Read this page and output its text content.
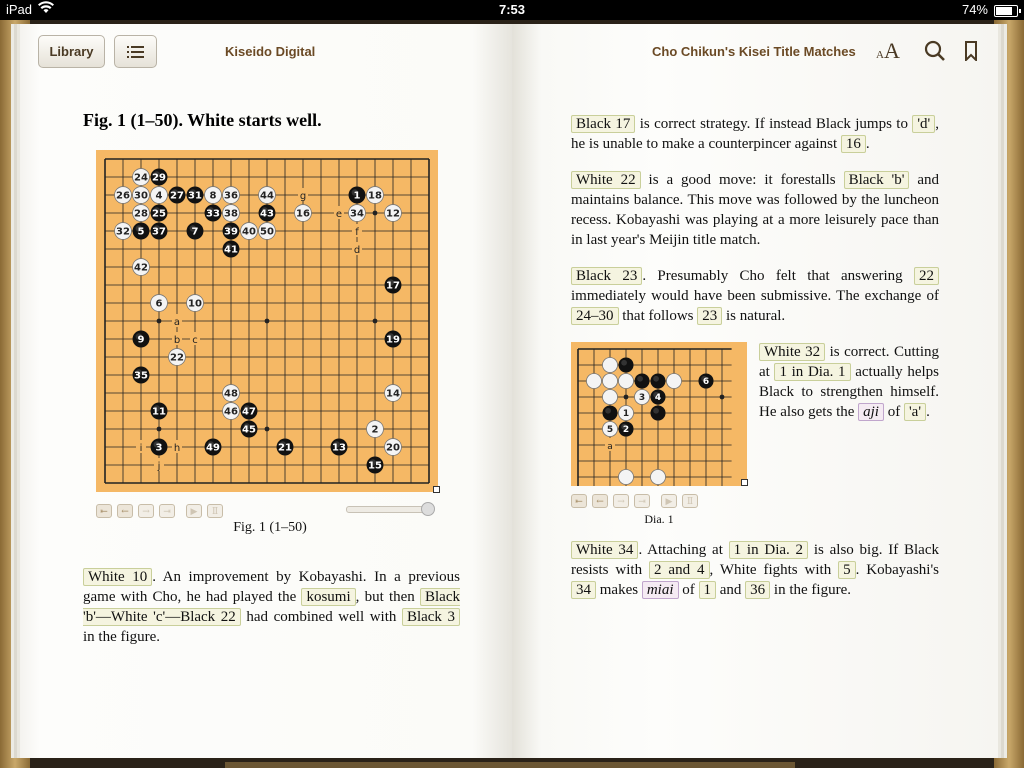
iPad	7:53	74%
Library	Kiseido Digital
Fig. 1 (1–50). White starts well.
g
e
f
d
a
b c
i	h
j
24 29
26 30 4 27 31 8 36 44	1 18
28 25	33 38 43 16	34 12
32 5 37	7	39 40 50
41
42
17
6	10
9	19
22
35
48	14
11	46 47
45	2
3	49	21	13	20
15
⇤ ← → ⇥ ▶ Ⅱ
Fig. 1 (1–50)

White 10 . An improvement by Kobayashi. In a previous game with Cho, he had played the kosumi , but then Black 'b'—White 'c'—Black 22 had combined well with Black 3 in the figure.

Cho Chikun's Kisei Title Matches AA

Black 17 is correct strategy. If instead Black jumps to 'd' , he is unable to make a counterpincer against 16 .

White 22 is a good move: it forestalls Black 'b' and maintains balance. This move was followed by the luncheon recess. Kobayashi was playing at a more leisurely pace than in last year's Meijin title match.

Black 23 . Presumably Cho felt that answering 22 immediately would have been submissive. The exchange of 24–30 that follows 23 is natural.

a
6
3 4
1
5 2
⇤ ← → ⇥ ▶ Ⅱ
Dia. 1

White 32 is correct. Cutting at 1 in Dia. 1 actually helps Black to strengthen himself. He also gets the aji of 'a' .

White 34 . Attaching at 1 in Dia. 2 is also big. If Black resists with 2 and 4 , White fights with 5 . Kobayashi's 34 makes miai of 1 and 36 in the figure.
